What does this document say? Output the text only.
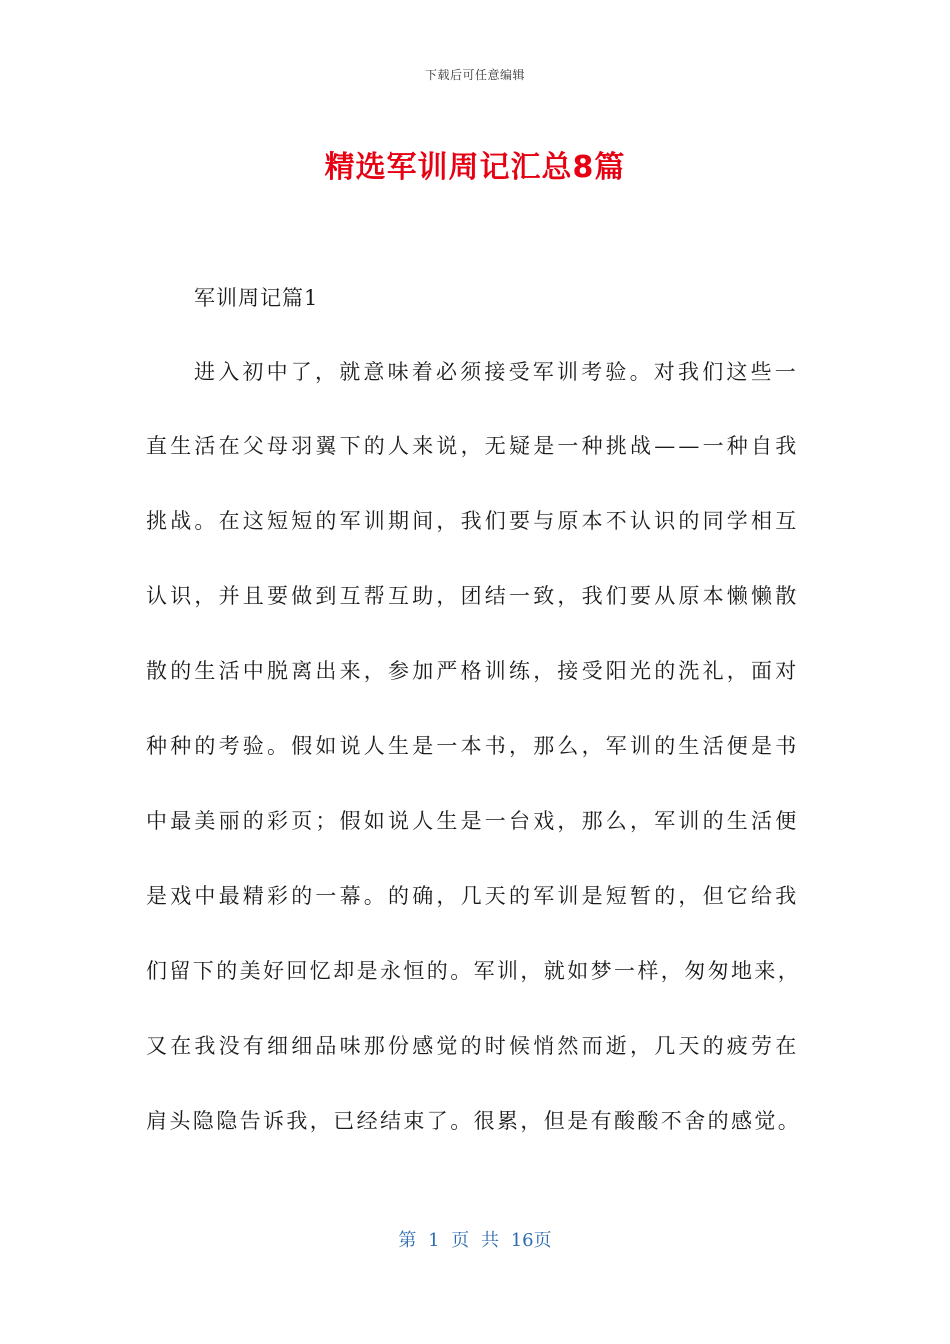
下载后可任意编辑
精选军训周记汇总8篇
军训周记篇1
进入初中了，就意味着必须接受军训考验。对我们这些一
直生活在父母羽翼下的人来说，无疑是一种挑战——一种自我
挑战。在这短短的军训期间，我们要与原本不认识的同学相互
认识，并且要做到互帮互助，团结一致，我们要从原本懒懒散
散的生活中脱离出来，参加严格训练，接受阳光的洗礼，面对
种种的考验。假如说人生是一本书，那么，军训的生活便是书
中最美丽的彩页；假如说人生是一台戏，那么，军训的生活便
是戏中最精彩的一幕。的确，几天的军训是短暂的，但它给我
们留下的美好回忆却是永恒的。军训，就如梦一样，匆匆地来，
又在我没有细细品味那份感觉的时候悄然而逝，几天的疲劳在
肩头隐隐告诉我，已经结束了。很累，但是有酸酸不舍的感觉。
第 1 页 共 16页
